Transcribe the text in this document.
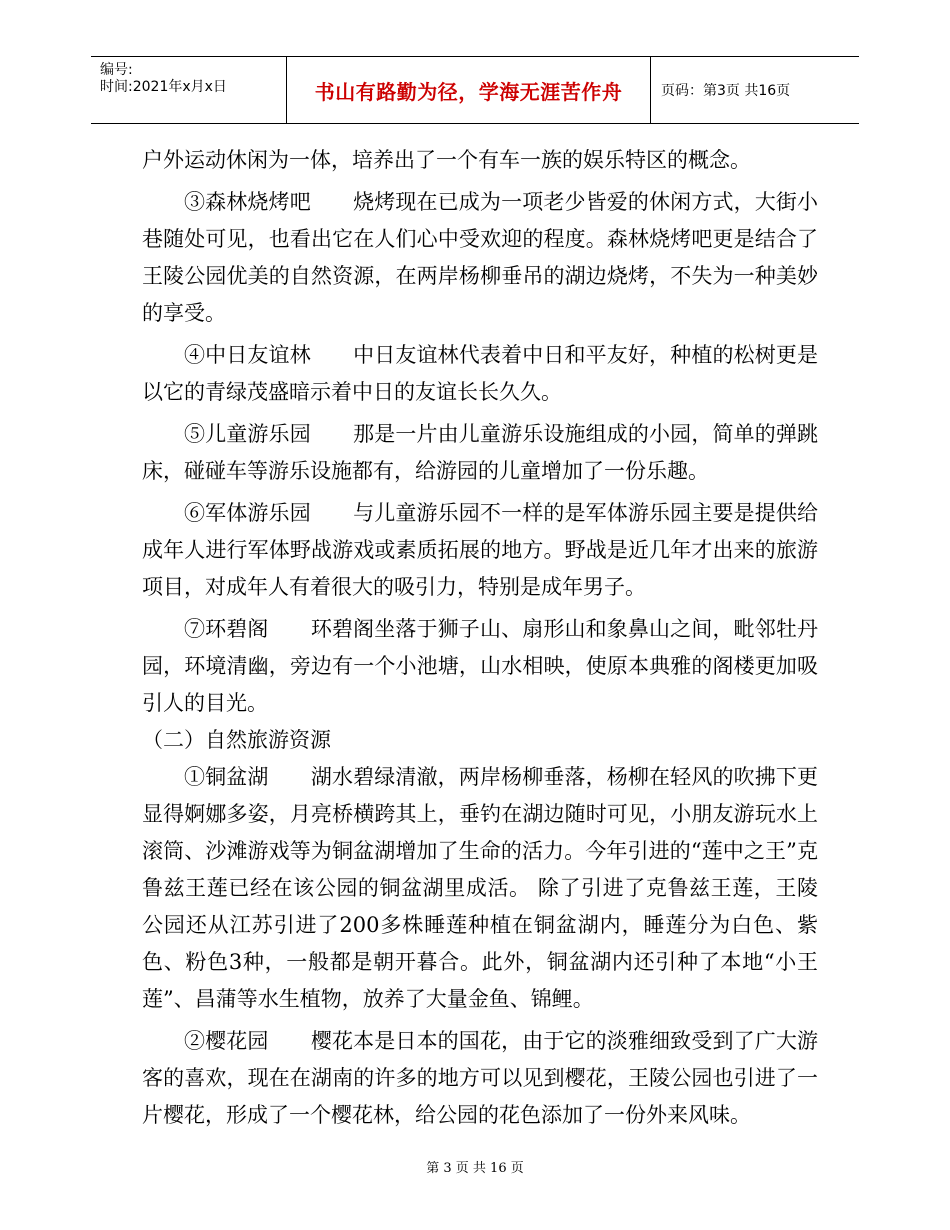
编号:
时间:2021年x月x日	书山有路勤为径，学海无涯苦作舟	页码：第3页 共16页

户外运动休闲为一体，培养出了一个有车一族的娱乐特区的概念。

③森林烧烤吧　　 烧烤现在已成为一项老少皆爱的休闲方式，大街小巷随处可见，也看出它在人们心中受欢迎的程度。森林烧烤吧更是结合了王陵公园优美的自然资源，在两岸杨柳垂吊的湖边烧烤，不失为一种美妙的享受。

④中日友谊林　　 中日友谊林代表着中日和平友好，种植的松树更是以它的青绿茂盛暗示着中日的友谊长长久久。

⑤儿童游乐园　　 那是一片由儿童游乐设施组成的小园，简单的弹跳床，碰碰车等游乐设施都有，给游园的儿童增加了一份乐趣。

⑥军体游乐园　　 与儿童游乐园不一样的是军体游乐园主要是提供给成年人进行军体野战游戏或素质拓展的地方。野战是近几年才出来的旅游项目，对成年人有着很大的吸引力，特别是成年男子。

⑦环碧阁　　 环碧阁坐落于狮子山、扇形山和象鼻山之间，毗邻牡丹园，环境清幽，旁边有一个小池塘，山水相映，使原本典雅的阁楼更加吸引人的目光。

（二）自然旅游资源

①铜盆湖　　 湖水碧绿清澈，两岸杨柳垂落，杨柳在轻风的吹拂下更显得婀娜多姿，月亮桥横跨其上，垂钓在湖边随时可见，小朋友游玩水上滚筒、沙滩游戏等为铜盆湖增加了生命的活力。今年引进的“莲中之王”克鲁兹王莲已经在该公园的铜盆湖里成活。 除了引进了克鲁兹王莲，王陵公园还从江苏引进了200多株睡莲种植在铜盆湖内，睡莲分为白色、紫色、粉色3种，一般都是朝开暮合。此外，铜盆湖内还引种了本地“小王莲”、昌蒲等水生植物，放养了大量金鱼、锦鲤。

②樱花园　　 樱花本是日本的国花，由于它的淡雅细致受到了广大游客的喜欢，现在在湖南的许多的地方可以见到樱花，王陵公园也引进了一片樱花，形成了一个樱花林，给公园的花色添加了一份外来风味。

第 3 页 共 16 页
